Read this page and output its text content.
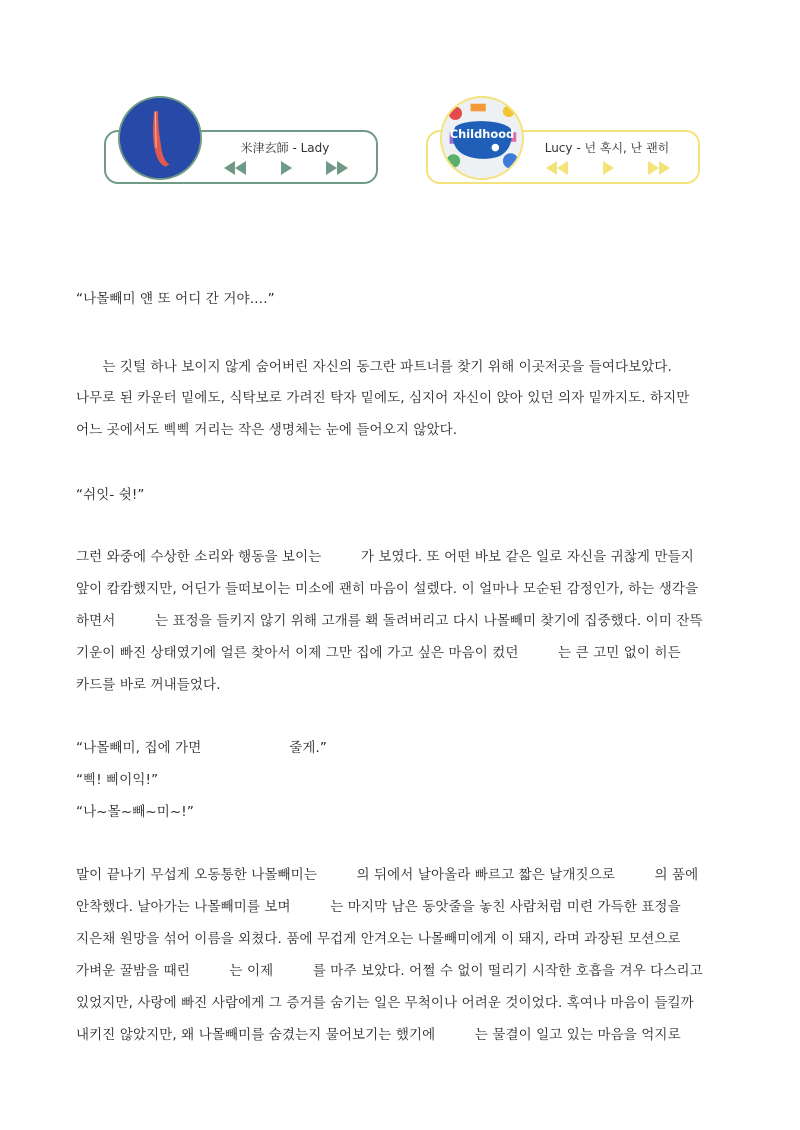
米津玄師 - Lady
Childhood
Lucy - 넌 혹시, 난 괜히
“나몰빼미 얜 또 어디 간 거야….”
는 깃털 하나 보이지 않게 숨어버린 자신의 동그란 파트너를 찾기 위해 이곳저곳을 들여다보았다.
나무로 된 카운터 밑에도, 식탁보로 가려진 탁자 밑에도, 심지어 자신이 앉아 있던 의자 밑까지도. 하지만
어느 곳에서도 삑삑 거리는 작은 생명체는 눈에 들어오지 않았다.
“쉬잇- 쉿!”
그런 와중에 수상한 소리와 행동을 보이는         가 보였다. 또 어떤 바보 같은 일로 자신을 귀찮게 만들지
앞이 캄캄했지만, 어딘가 들떠보이는 미소에 괜히 마음이 설렜다. 이 얼마나 모순된 감정인가, 하는 생각을
하면서         는 표정을 들키지 않기 위해 고개를 홱 돌려버리고 다시 나몰빼미 찾기에 집중했다. 이미 잔뜩
기운이 빠진 상태였기에 얼른 찾아서 이제 그만 집에 가고 싶은 마음이 컸던         는 큰 고민 없이 히든
카드를 바로 꺼내들었다.
“나몰빼미, 집에 가면                    줄게.”
“삑! 삐이익!”
“나~몰~빼~미~!”
말이 끝나기 무섭게 오동통한 나몰빼미는         의 뒤에서 날아올라 빠르고 짧은 날개짓으로         의 품에
안착했다. 날아가는 나몰빼미를 보며         는 마지막 남은 동앗줄을 놓친 사람처럼 미련 가득한 표정을
지은채 원망을 섞어 이름을 외쳤다. 품에 무겁게 안겨오는 나몰빼미에게 이 돼지, 라며 과장된 모션으로
가벼운 꿀밤을 때린         는 이제         를 마주 보았다. 어쩔 수 없이 떨리기 시작한 호흡을 겨우 다스리고
있었지만, 사랑에 빠진 사람에게 그 증거를 숨기는 일은 무척이나 어려운 것이었다. 혹여나 마음이 들킬까
내키진 않았지만, 왜 나몰빼미를 숨겼는지 물어보기는 했기에         는 물결이 일고 있는 마음을 억지로
